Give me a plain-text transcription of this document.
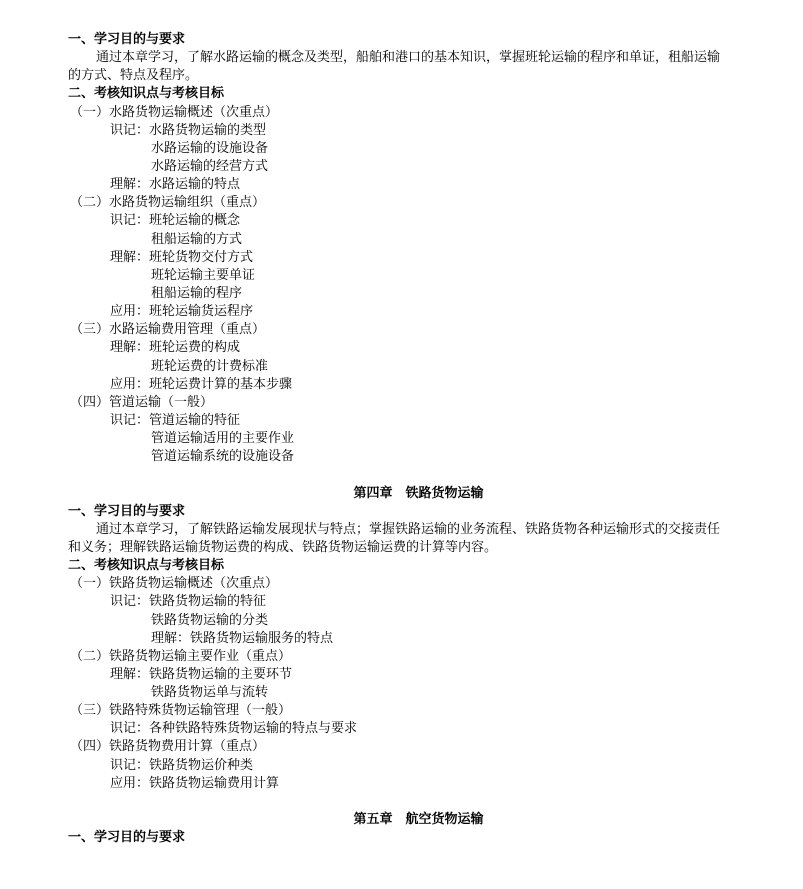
一、学习目的与要求
通过本章学习，了解水路运输的概念及类型，船舶和港口的基本知识，掌握班轮运输的程序和单证，租船运输
的方式、特点及程序。
二、考核知识点与考核目标
（一）水路货物运输概述（次重点）
识记：水路货物运输的类型
水路运输的设施设备
水路运输的经营方式
理解：水路运输的特点
（二）水路货物运输组织（重点）
识记：班轮运输的概念
租船运输的方式
理解：班轮货物交付方式
班轮运输主要单证
租船运输的程序
应用：班轮运输货运程序
（三）水路运输费用管理（重点）
理解：班轮运费的构成
班轮运费的计费标准
应用：班轮运费计算的基本步骤
（四）管道运输（一般）
识记：管道运输的特征
管道运输适用的主要作业
管道运输系统的设施设备
第四章　铁路货物运输
一、学习目的与要求
通过本章学习，了解铁路运输发展现状与特点；掌握铁路运输的业务流程、铁路货物各种运输形式的交接责任
和义务；理解铁路运输货物运费的构成、铁路货物运输运费的计算等内容。
二、考核知识点与考核目标
（一）铁路货物运输概述（次重点）
识记：铁路货物运输的特征
铁路货物运输的分类
理解：铁路货物运输服务的特点
（二）铁路货物运输主要作业（重点）
理解：铁路货物运输的主要环节
铁路货物运单与流转
（三）铁路特殊货物运输管理（一般）
识记：各种铁路特殊货物运输的特点与要求
（四）铁路货物费用计算（重点）
识记：铁路货物运价种类
应用：铁路货物运输费用计算
第五章　航空货物运输
一、学习目的与要求
